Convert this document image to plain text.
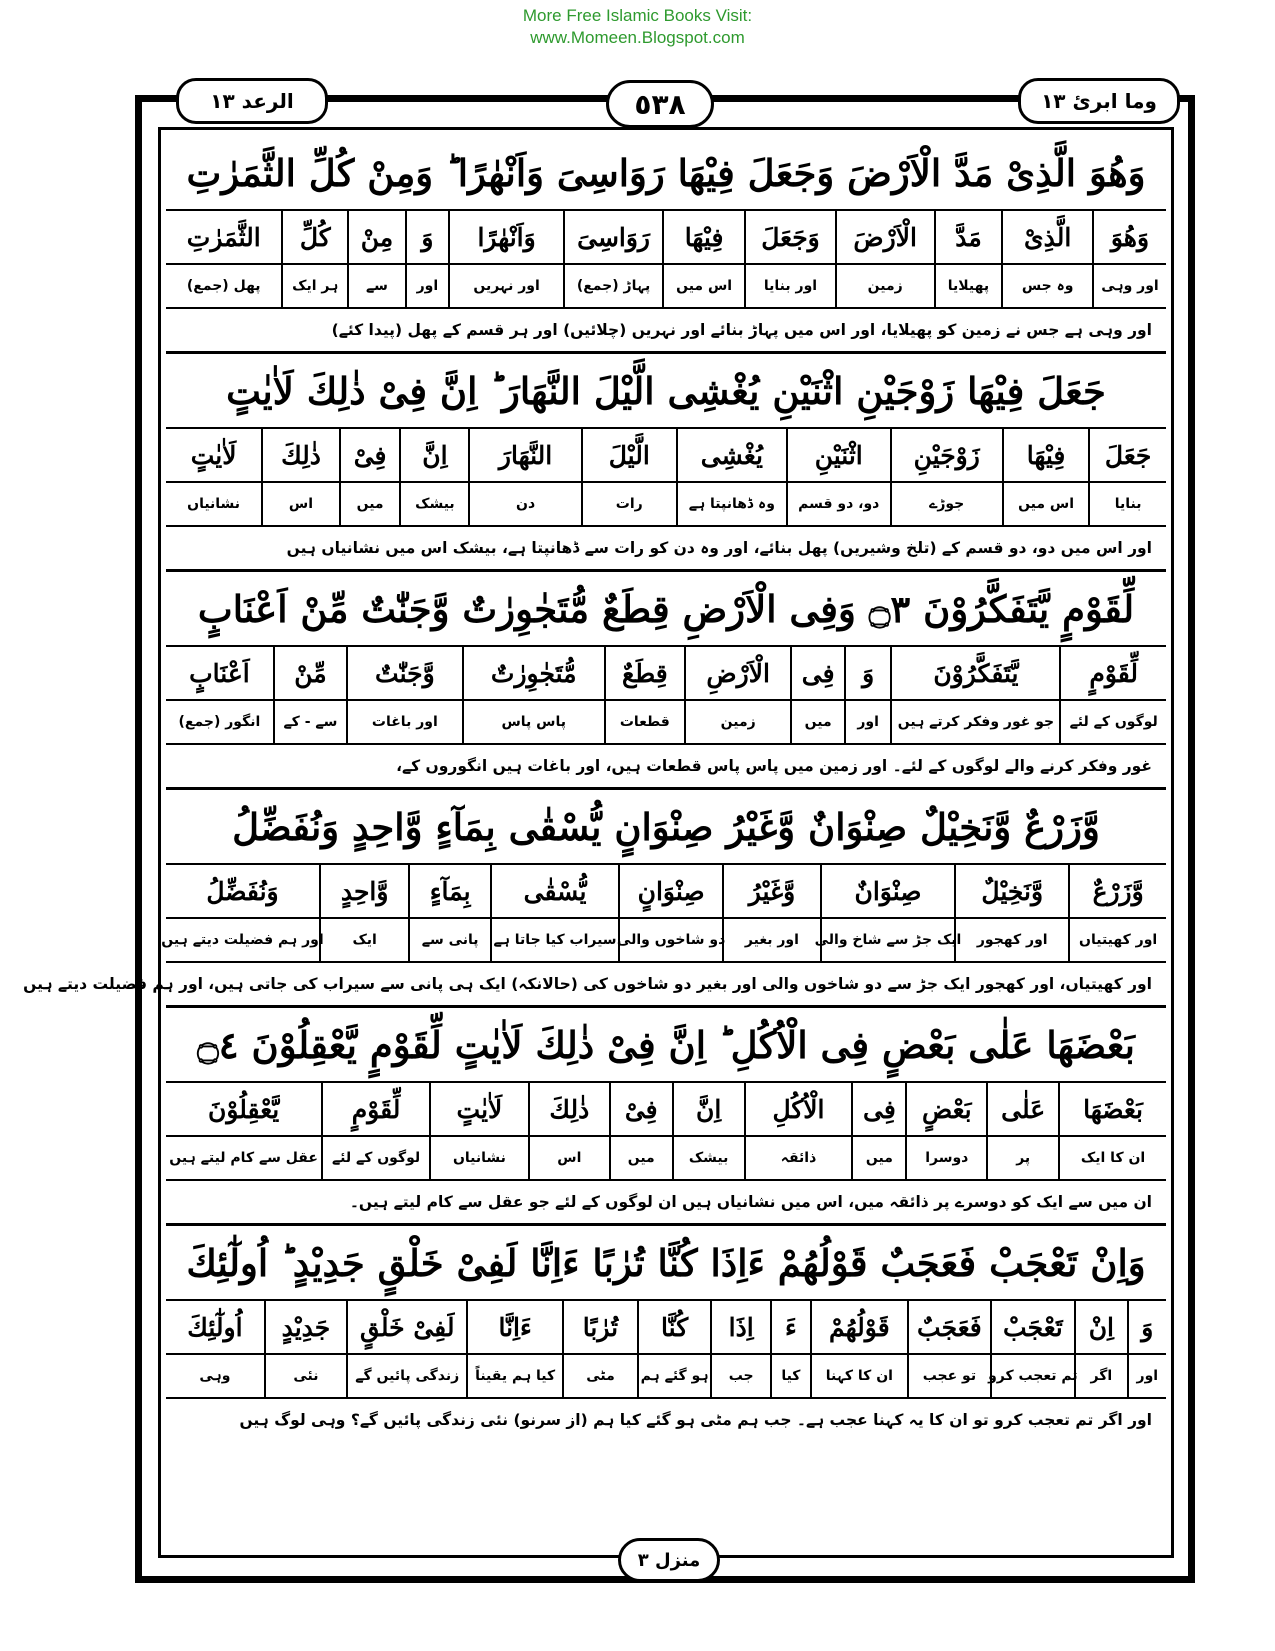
More Free Islamic Books Visit:
www.Momeen.Blogspot.com
الرعد ١٣	٥٣٨	وما ابرئ ١٣
وَهُوَ الَّذِىْ مَدَّ الْاَرْضَ وَجَعَلَ فِيْهَا رَوَاسِىَ وَاَنْهٰرًا ؕ وَمِنْ كُلِّ الثَّمَرٰتِ
وَهُوَ
اور وہی
الَّذِىْ
وہ جس
مَدَّ
پھیلایا
الْاَرْضَ
زمین
وَجَعَلَ
اور بنایا
فِيْهَا
اس میں
رَوَاسِىَ
پہاڑ (جمع)
وَاَنْهٰرًا
اور نہریں
وَ
اور
مِنْ
سے
كُلِّ
ہر ایک
الثَّمَرٰتِ
پھل (جمع)
اور وہی ہے جس نے زمین کو پھیلایا، اور اس میں پہاڑ بنائے اور نہریں (چلائیں) اور ہر قسم کے پھل (پیدا کئے)
جَعَلَ فِيْهَا زَوْجَيْنِ اثْنَيْنِ يُغْشِى الَّيْلَ النَّهَارَ ؕ اِنَّ فِىْ ذٰلِكَ لَاٰيٰتٍ
جَعَلَ
بنایا
فِيْهَا
اس میں
زَوْجَيْنِ
جوڑے
اثْنَيْنِ
دو، دو قسم
يُغْشِى
وہ ڈھانپتا ہے
الَّيْلَ
رات
النَّهَارَ
دن
اِنَّ
بیشک
فِىْ
میں
ذٰلِكَ
اس
لَاٰيٰتٍ
نشانیاں
اور اس میں دو، دو قسم کے (تلخ وشیریں) پھل بنائے، اور وہ دن کو رات سے ڈھانپتا ہے، بیشک اس میں نشانیاں ہیں
لِّقَوْمٍ يَّتَفَكَّرُوْنَ ۝٣ وَفِى الْاَرْضِ قِطَعٌ مُّتَجٰوِرٰتٌ وَّجَنّٰتٌ مِّنْ اَعْنَابٍ
لِّقَوْمٍ
لوگوں کے لئے
يَّتَفَكَّرُوْنَ
جو غور وفکر کرتے ہیں
وَ
اور
فِى
میں
الْاَرْضِ
زمین
قِطَعٌ
قطعات
مُّتَجٰوِرٰتٌ
پاس پاس
وَّجَنّٰتٌ
اور باغات
مِّنْ
سے - کے
اَعْنَابٍ
انگور (جمع)
غور وفکر کرنے والے لوگوں کے لئے۔ اور زمین میں پاس پاس قطعات ہیں، اور باغات ہیں انگوروں کے،
وَّزَرْعٌ وَّنَخِيْلٌ صِنْوَانٌ وَّغَيْرُ صِنْوَانٍ يُّسْقٰى بِمَآءٍ وَّاحِدٍ وَنُفَضِّلُ
وَّزَرْعٌ
اور کھیتیاں
وَّنَخِيْلٌ
اور کھجور
صِنْوَانٌ
ایک جڑ سے شاخ والی
وَّغَيْرُ
اور بغیر
صِنْوَانٍ
دو شاخوں والی
يُّسْقٰى
سیراب کیا جاتا ہے
بِمَآءٍ
پانی سے
وَّاحِدٍ
ایک
وَنُفَضِّلُ
اور ہم فضیلت دیتے ہیں
اور کھیتیاں، اور کھجور ایک جڑ سے دو شاخوں والی اور بغیر دو شاخوں کی (حالانکہ) ایک ہی پانی سے سیراب کی جاتی ہیں، اور ہم فضیلت دیتے ہیں
بَعْضَهَا عَلٰى بَعْضٍ فِى الْاُكُلِ ؕ اِنَّ فِىْ ذٰلِكَ لَاٰيٰتٍ لِّقَوْمٍ يَّعْقِلُوْنَ ۝٤
بَعْضَهَا
ان کا ایک
عَلٰى
پر
بَعْضٍ
دوسرا
فِى
میں
الْاُكُلِ
ذائقہ
اِنَّ
بیشک
فِىْ
میں
ذٰلِكَ
اس
لَاٰيٰتٍ
نشانیاں
لِّقَوْمٍ
لوگوں کے لئے
يَّعْقِلُوْنَ
عقل سے کام لیتے ہیں
ان میں سے ایک کو دوسرے پر ذائقہ میں، اس میں نشانیاں ہیں ان لوگوں کے لئے جو عقل سے کام لیتے ہیں۔
وَاِنْ تَعْجَبْ فَعَجَبٌ قَوْلُهُمْ ءَاِذَا كُنَّا تُرٰبًا ءَاِنَّا لَفِىْ خَلْقٍ جَدِيْدٍ ؕ اُولٰٓئِكَ
وَ
اور
اِنْ
اگر
تَعْجَبْ
تم تعجب کرو
فَعَجَبٌ
تو عجب
قَوْلُهُمْ
ان کا کہنا
ءَ
کیا
اِذَا
جب
كُنَّا
ہو گئے ہم
تُرٰبًا
مٹی
ءَاِنَّا
کیا ہم یقیناً
لَفِىْ خَلْقٍ
زندگی پائیں گے
جَدِيْدٍ
نئی
اُولٰٓئِكَ
وہی
اور اگر تم تعجب کرو تو ان کا یہ کہنا عجب ہے۔ جب ہم مٹی ہو گئے کیا ہم (از سرنو) نئی زندگی پائیں گے؟ وہی لوگ ہیں
منزل ٣
